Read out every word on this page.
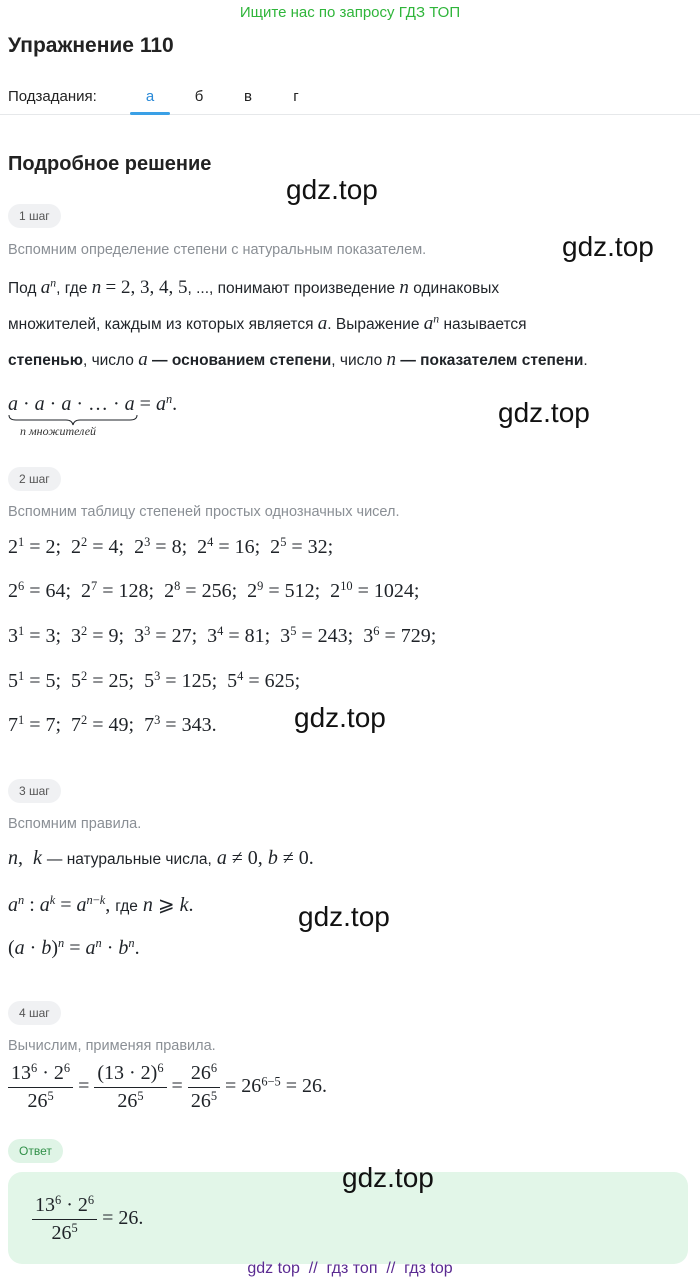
Ищите нас по запросу ГДЗ ТОП
Упражнение 110
Подзадания:	а	б	в	г
Подробное решение
gdz.top
gdz.top
gdz.top
gdz.top
gdz.top
gdz.top
1 шаг
Вспомним определение степени с натуральным показателем.
Под $a^n$, где n = 2, 3, 4, 5, ..., понимают произведение n одинаковых
множителей, каждым из которых является a. Выражение $a^n$ называется
степенью, число a — основанием степени, число n — показателем степени.
a · a · a · … · $a = a^n$.
n множителей
2 шаг
Вспомним таблицу степеней простых однозначных чисел.
$2^1 = 2$;  $2^2 = 4$;  $2^3 = 8$;  $2^4 = 16$;  $2^5 = 32$;
$2^6 = 64$;  $2^7 = 128$;  $2^8 = 256$;  $2^9 = 512$;  $2^{10} = 1024$;
$3^1 = 3$;  $3^2 = 9$;  $3^3 = 27$;  $3^4 = 81$;  $3^5 = 243$;  $3^6 = 729$;
$5^1 = 5$;  $5^2 = 25$;  $5^3 = 125$;  $5^4 = 625$;
$7^1 = 7$;  $7^2 = 49$;  $7^3 = 343$.
3 шаг
Вспомним правила.
n,  k — натуральные числа, a ≠ 0, b ≠ 0.
$a^n$ : $a^k = a^{n-k}$, где n ⩾ k.
$(a \cdot b)^n = a^n \cdot b^n$.
4 шаг
Вычислим, применяя правила.
$\frac{13^6 \cdot 2^6}{26^5} = \frac{(13 \cdot 2)^6}{26^5} = \frac{26^6}{26^5} = 26^{6-5} = 26$.
Ответ
$\frac{13^6 \cdot 2^6}{26^5} = 26$.
gdz top  //  гдз топ  //  гдз top
